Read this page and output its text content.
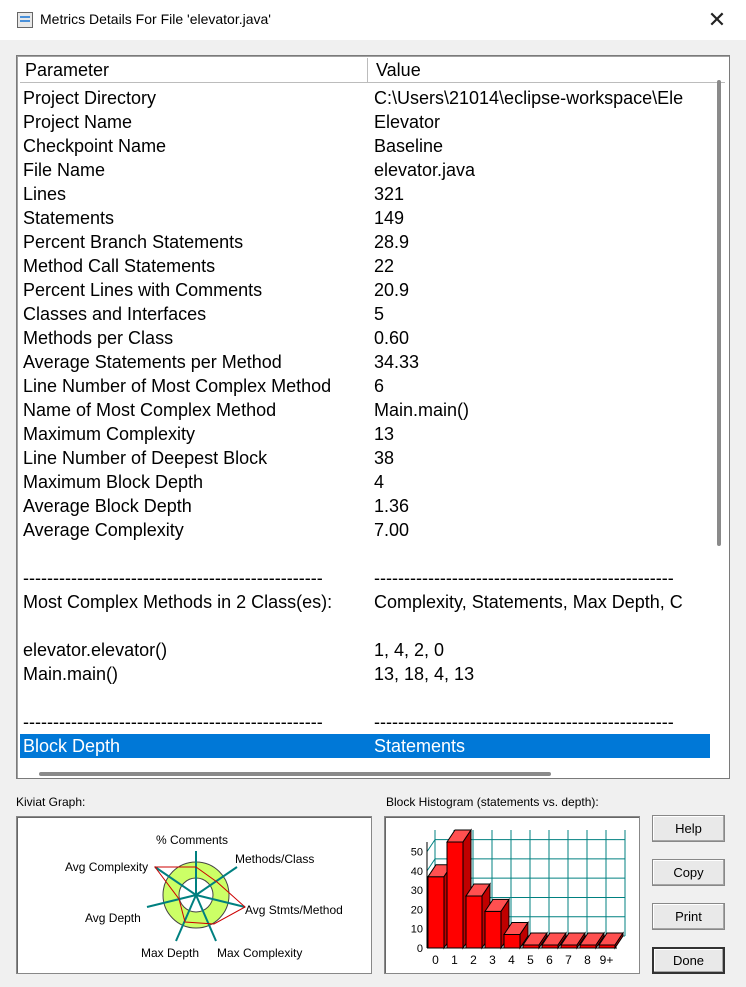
Metrics Details For File 'elevator.java'	✕
Parameter	Value
Project Directory	C:\Users\21014\eclipse-workspace\Ele
Project Name	Elevator
Checkpoint Name	Baseline
File Name	elevator.java
Lines	321
Statements	149
Percent Branch Statements	28.9
Method Call Statements	22
Percent Lines with Comments	20.9
Classes and Interfaces	5
Methods per Class	0.60
Average Statements per Method	34.33
Line Number of Most Complex Method 6
Name of Most Complex Method	Main.main()
Maximum Complexity	13
Line Number of Deepest Block	38
Maximum Block Depth	4
Average Block Depth	1.36
Average Complexity	7.00
--------------------------------------------------	--------------------------------------------------
Most Complex Methods in 2 Class(es): Complexity, Statements, Max Depth, C
elevator.elevator()	1, 4, 2, 0
Main.main()	13, 18, 4, 13
--------------------------------------------------	--------------------------------------------------
Block Depth	Statements
Kiviat Graph:
% Comments
Methods/Class
Avg Stmts/Method
Max Complexity
Max Depth
Avg Depth
Avg Complexity
Block Histogram (statements vs. depth):
50
40
30
20
10
0
0 1 2 3 4 5 6 7 8 9+
Help
Copy
Print
Done
